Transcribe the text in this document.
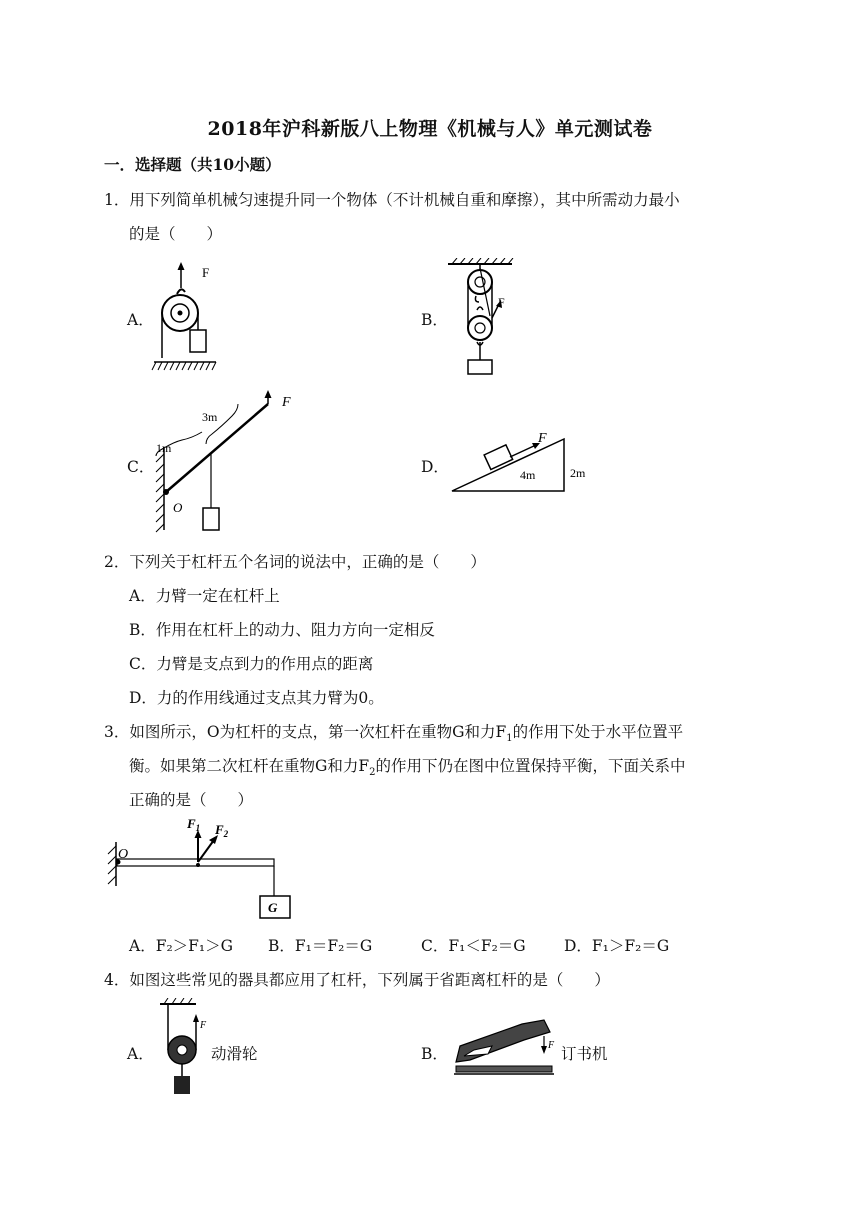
2018年沪科新版八上物理《机械与人》单元测试卷
一．选择题（共10小题）
1．用下列简单机械匀速提升同一个物体（不计机械自重和摩擦），其中所需动力最小
的是（　　）
A．
F
B．
F
C．
F
3m
1m
O
D．
F
4m	2m
2．下列关于杠杆五个名词的说法中，正确的是（　　）
A．力臂一定在杠杆上
B．作用在杠杆上的动力、阻力方向一定相反
C．力臂是支点到力的作用点的距离
D．力的作用线通过支点其力臂为0。
3．如图所示，O为杠杆的支点，第一次杠杆在重物G和力$F_1$的作用下处于水平位置平
衡。如果第二次杠杆在重物G和力$F_2$的作用下仍在图中位置保持平衡，下面关系中
正确的是（　　）
O
$F_1$ $F_2$
G
A．F₂＞F₁＞G B．F₁＝F₂＝G	C．F₁＜F₂＝G D．F₁＞F₂＝G
4．如图这些常见的器具都应用了杠杆，下列属于省距离杠杆的是（　　）
A．
F
动滑轮	B．	F 订书机
